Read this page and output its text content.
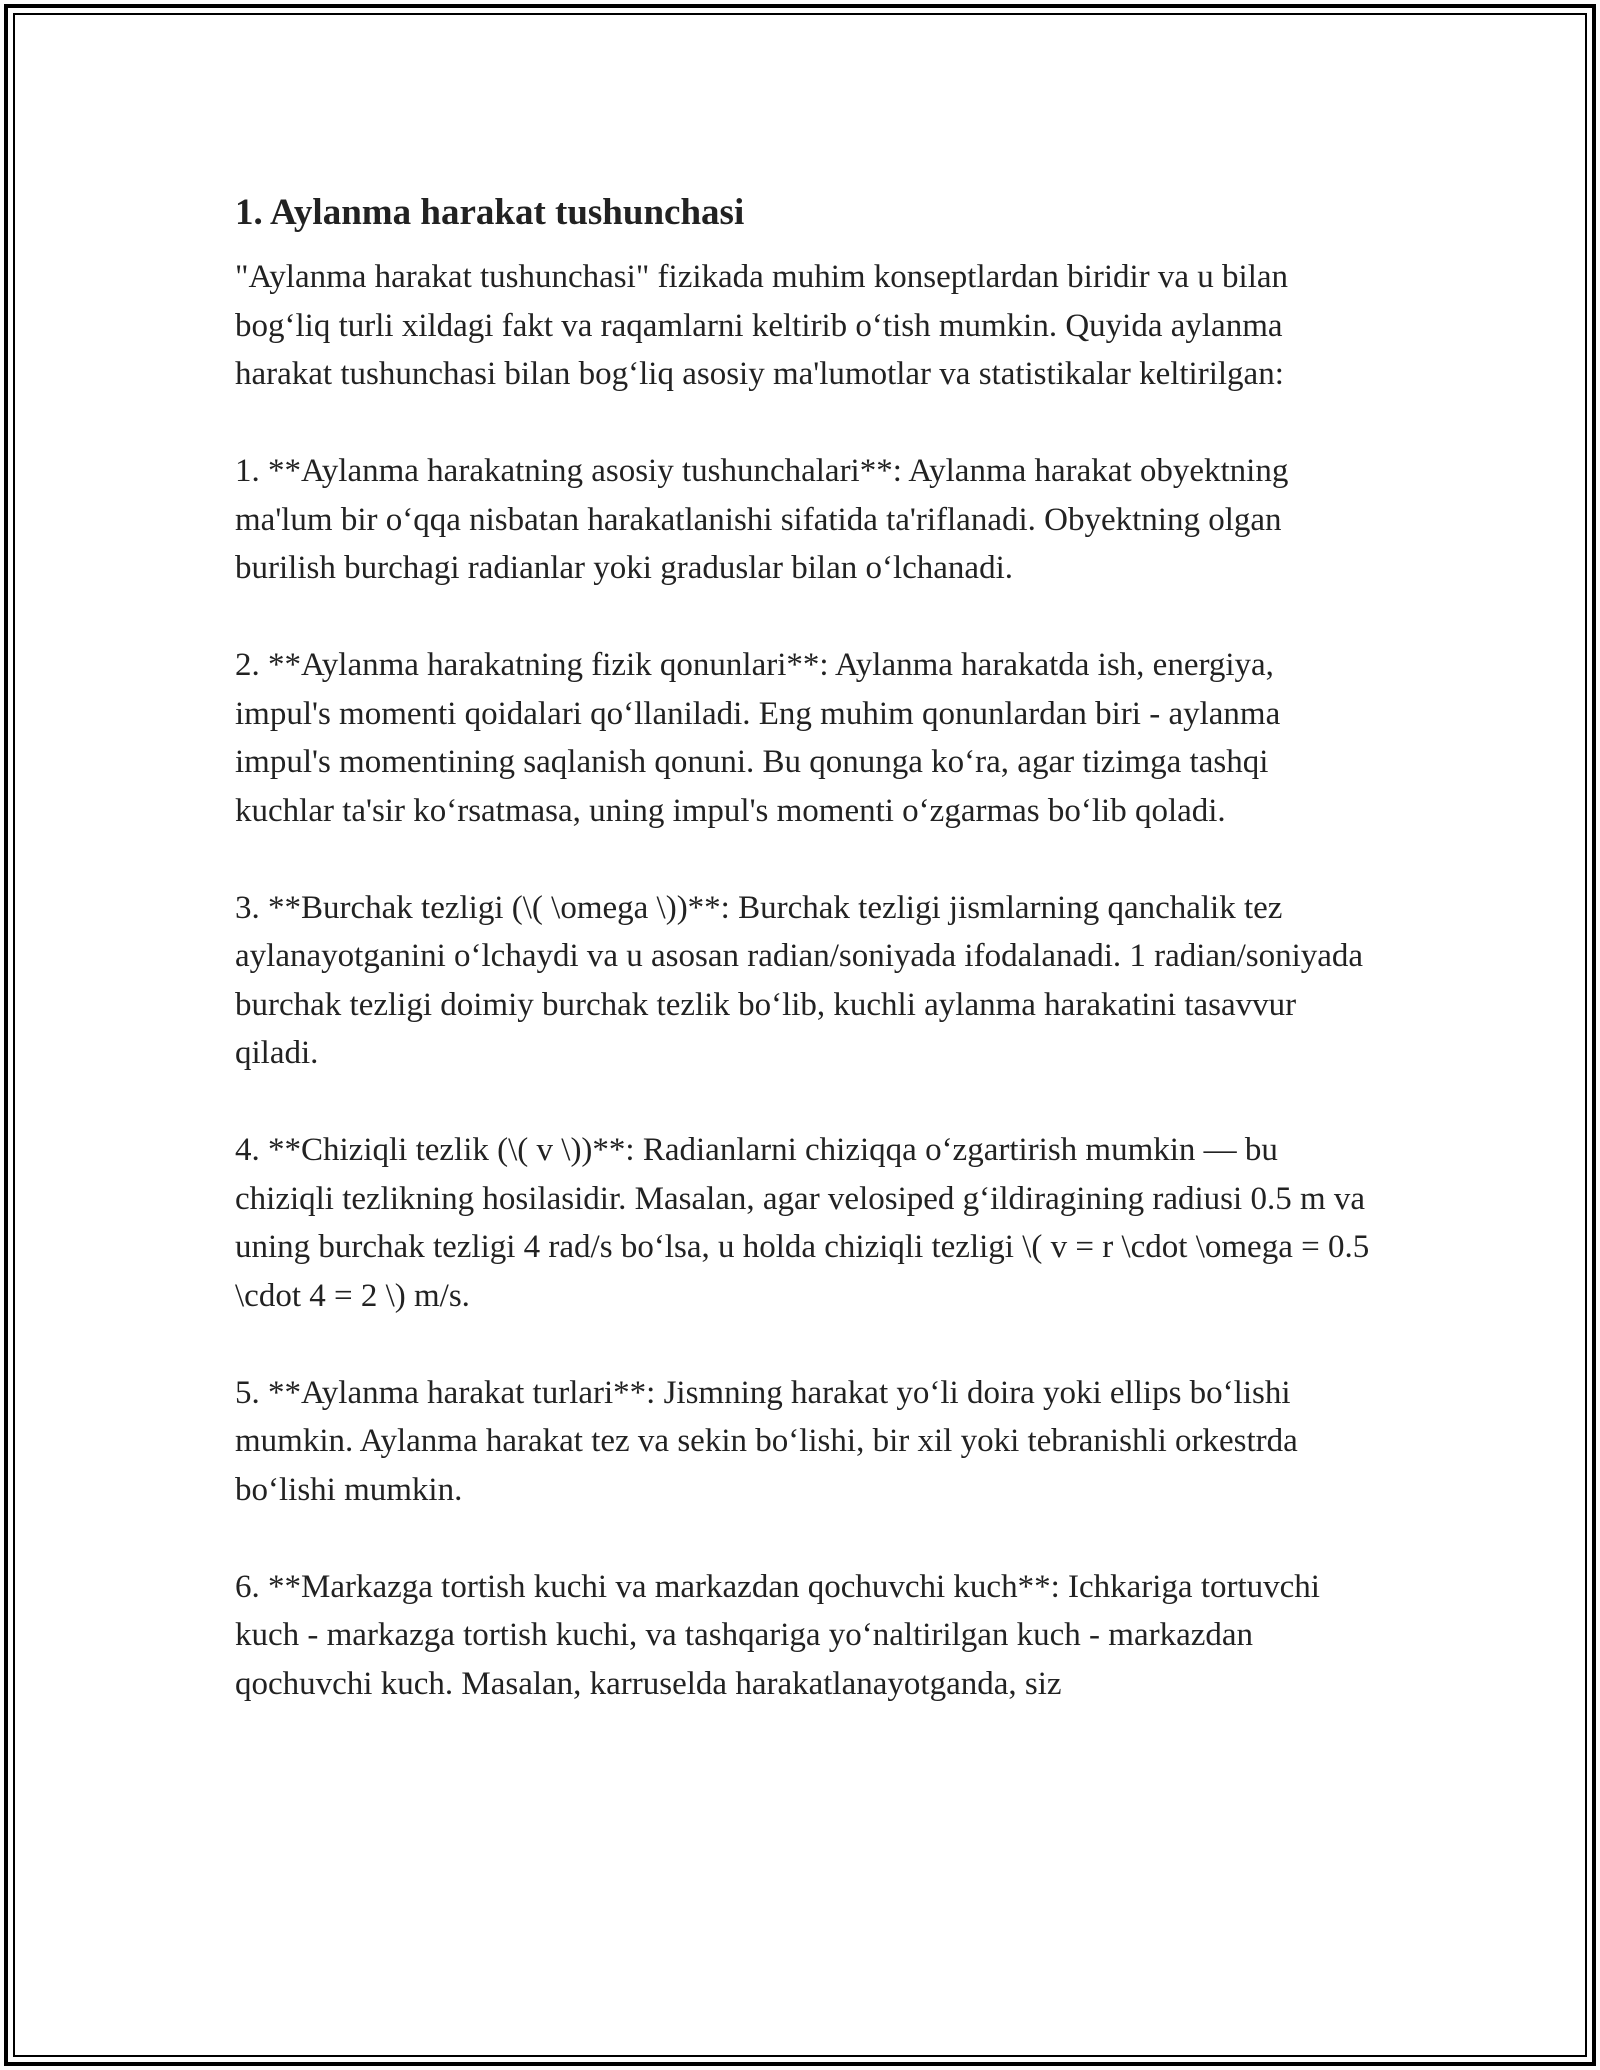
1. Aylanma harakat tushunchasi

"Aylanma harakat tushunchasi" fizikada muhim konseptlardan biridir va u bilan bog‘liq turli xildagi fakt va raqamlarni keltirib o‘tish mumkin. Quyida aylanma harakat tushunchasi bilan bog‘liq asosiy ma'lumotlar va statistikalar keltirilgan:

1. **Aylanma harakatning asosiy tushunchalari**: Aylanma harakat obyektning ma'lum bir o‘qqa nisbatan harakatlanishi sifatida ta'riflanadi. Obyektning olgan burilish burchagi radianlar yoki graduslar bilan o‘lchanadi.

2. **Aylanma harakatning fizik qonunlari**: Aylanma harakatda ish, energiya, impul's momenti qoidalari qo‘llaniladi. Eng muhim qonunlardan biri - aylanma impul's momentining saqlanish qonuni. Bu qonunga ko‘ra, agar tizimga tashqi kuchlar ta'sir ko‘rsatmasa, uning impul's momenti o‘zgarmas bo‘lib qoladi.

3. **Burchak tezligi (\( \omega \))**: Burchak tezligi jismlarning qanchalik tez aylanayotganini o‘lchaydi va u asosan radian/soniyada ifodalanadi. 1 radian/soniyada burchak tezligi doimiy burchak tezlik bo‘lib, kuchli aylanma harakatini tasavvur qiladi.

4. **Chiziqli tezlik (\( v \))**: Radianlarni chiziqqa o‘zgartirish mumkin — bu chiziqli tezlikning hosilasidir. Masalan, agar velosiped g‘ildiragining radiusi 0.5 m va uning burchak tezligi 4 rad/s bo‘lsa, u holda chiziqli tezligi \( v = r \cdot \omega = 0.5 \cdot 4 = 2 \) m/s.

5. **Aylanma harakat turlari**: Jismning harakat yo‘li doira yoki ellips bo‘lishi mumkin. Aylanma harakat tez va sekin bo‘lishi, bir xil yoki tebranishli orkestrda bo‘lishi mumkin.

6. **Markazga tortish kuchi va markazdan qochuvchi kuch**: Ichkariga tortuvchi kuch - markazga tortish kuchi, va tashqariga yo‘naltirilgan kuch - markazdan qochuvchi kuch. Masalan, karruselda harakatlanayotganda, siz
